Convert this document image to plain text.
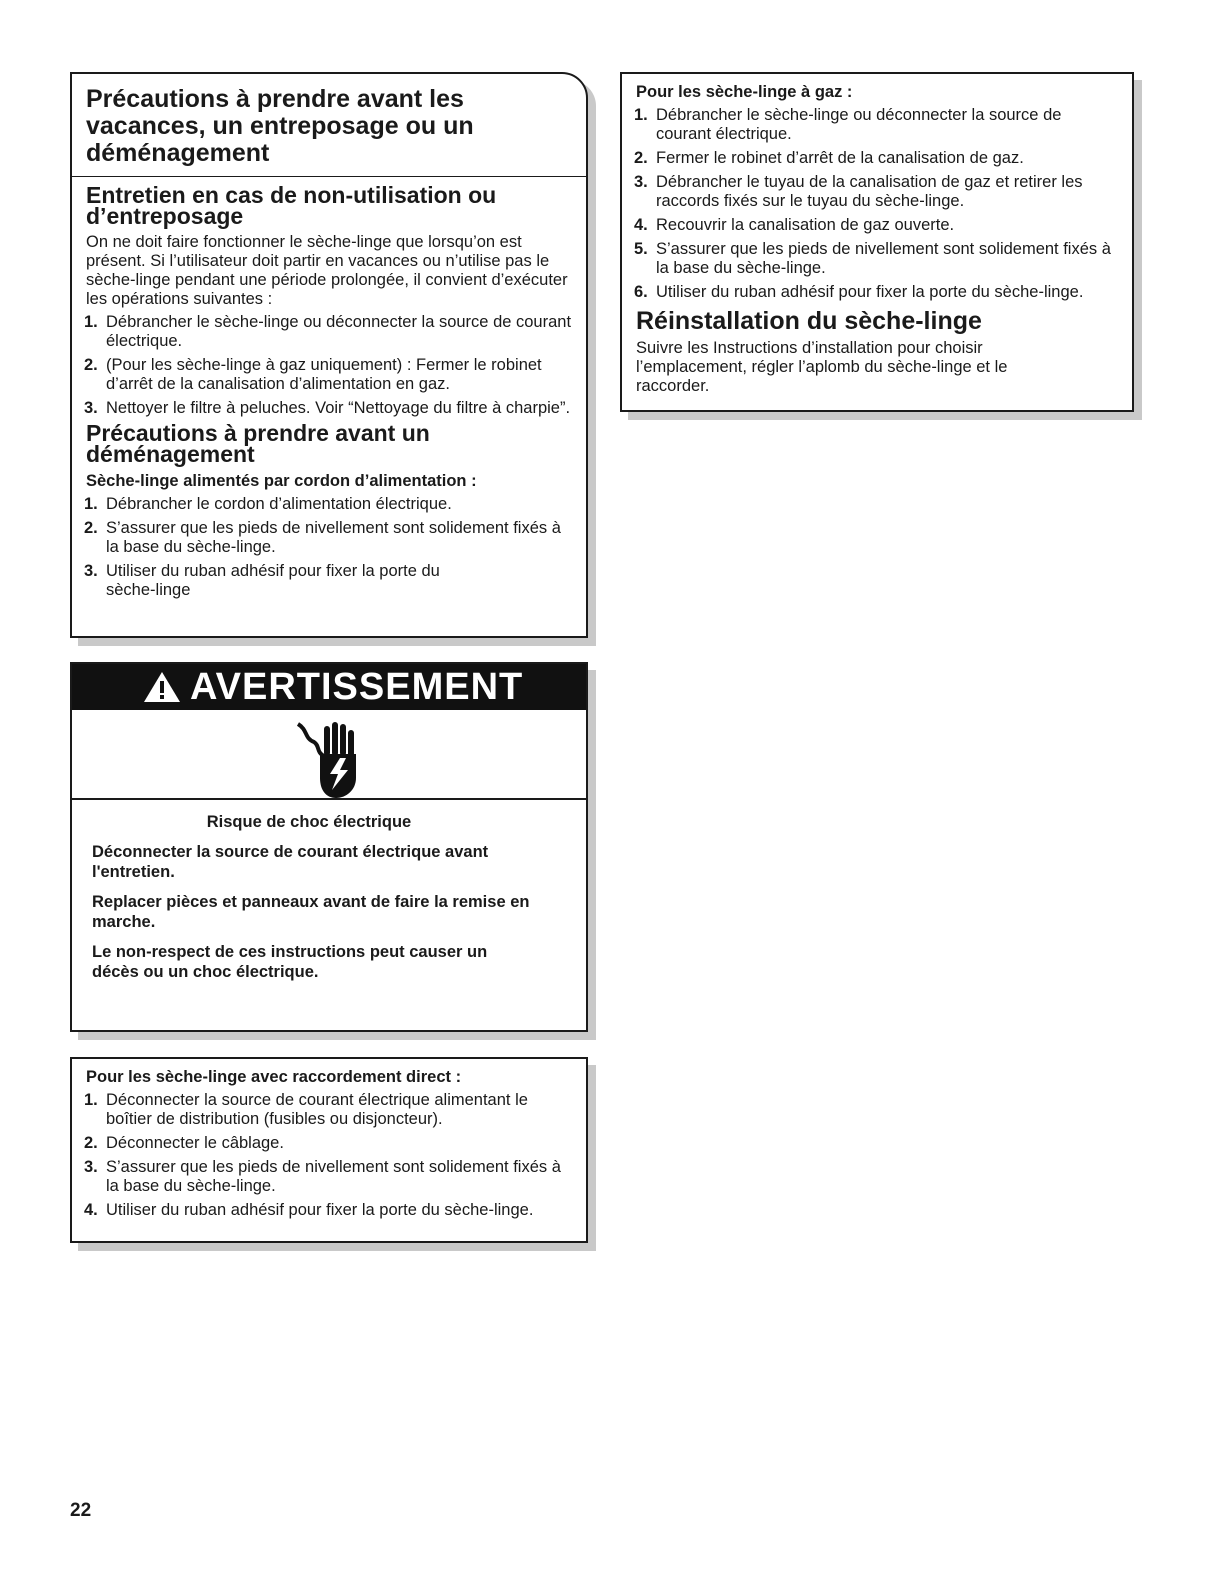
Précautions à prendre avant les vacances, un entreposage ou un déménagement
Entretien en cas de non-utilisation ou d’entreposage

On ne doit faire fonctionner le sèche-linge que lorsqu’on est présent. Si l’utilisateur doit partir en vacances ou n’utilise pas le sèche-linge pendant une période prolongée, il convient d’exécuter les opérations suivantes :

1. Débrancher le sèche-linge ou déconnecter la source de courant électrique.
2. (Pour les sèche-linge à gaz uniquement) : Fermer le robinet d’arrêt de la canalisation d’alimentation en gaz.
3. Nettoyer le filtre à peluches. Voir “Nettoyage du filtre à charpie”.
Précautions à prendre avant un déménagement
Sèche-linge alimentés par cordon d’alimentation :
1. Débrancher le cordon d’alimentation électrique.
2. S’assurer que les pieds de nivellement sont solidement fixés à la base du sèche-linge.
3. Utiliser du ruban adhésif pour fixer la porte du sèche-linge
AVERTISSEMENT
Risque de choc électrique
Déconnecter la source de courant électrique avant l'entretien.
Replacer pièces et panneaux avant de faire la remise en marche.
Le non-respect de ces instructions peut causer un décès ou un choc électrique.
Pour les sèche-linge avec raccordement direct :
1. Déconnecter la source de courant électrique alimentant le boîtier de distribution (fusibles ou disjoncteur).
2. Déconnecter le câblage.
3. S’assurer que les pieds de nivellement sont solidement fixés à la base du sèche-linge.
4. Utiliser du ruban adhésif pour fixer la porte du sèche-linge.
Pour les sèche-linge à gaz :
1. Débrancher le sèche-linge ou déconnecter la source de courant électrique.
2. Fermer le robinet d’arrêt de la canalisation de gaz.
3. Débrancher le tuyau de la canalisation de gaz et retirer les raccords fixés sur le tuyau du sèche-linge.
4. Recouvrir la canalisation de gaz ouverte.
5. S’assurer que les pieds de nivellement sont solidement fixés à la base du sèche-linge.
6. Utiliser du ruban adhésif pour fixer la porte du sèche-linge.
Réinstallation du sèche-linge

Suivre les Instructions d’installation pour choisir l’emplacement, régler l’aplomb du sèche-linge et le raccorder.

22
